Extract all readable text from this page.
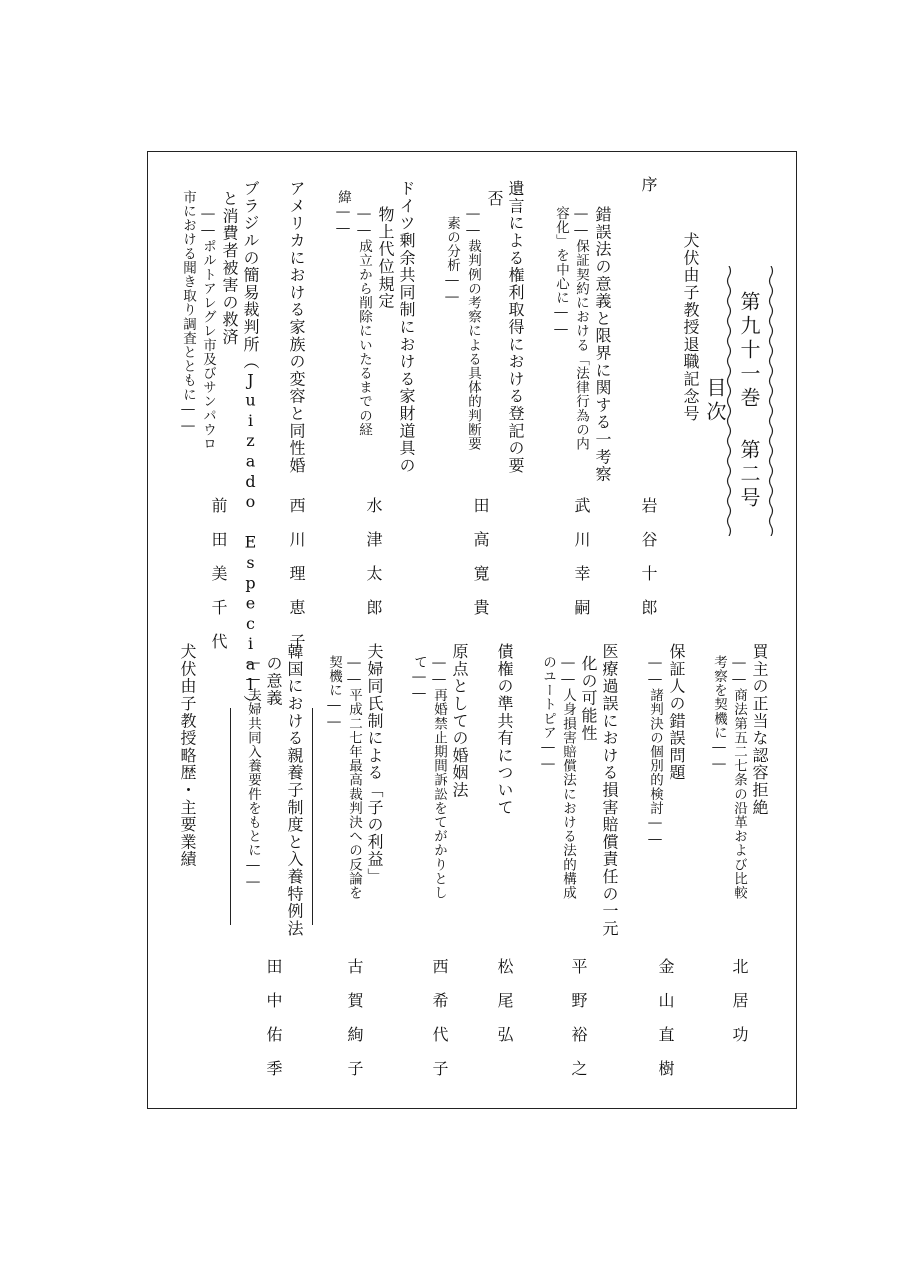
第九十一巻 第二号 目次
犬伏由子教授退職記念号
序
岩谷十郎
錯誤法の意義と限界に関する一考察
――保証契約における「法律行為の内
容化」を中心に――
武川幸嗣
遺言による権利取得における登記の要
否
――裁判例の考察による具体的判断要
素の分析――
田高寛貴
ドイツ剰余共同制における家財道具の
物上代位規定
――成立から削除にいたるまでの経
緯――
水津太郎
アメリカにおける家族の変容と同性婚
西川理恵子
ブラジルの簡易裁判所（Juizado Especial）
と消費者被害の救済
――ポルトアレグレ市及びサンパウロ
市における聞き取り調査とともに――
前田美千代
買主の正当な認容拒絶
――商法第五二七条の沿革および比較
考察を契機に――
北居功
保証人の錯誤問題
――諸判決の個別的検討――
金山直樹
医療過誤における損害賠償責任の一元
化の可能性
――人身損害賠償法における法的構成
のユートピア――
平野裕之
債権の準共有について
松尾弘
原点としての婚姻法
――再婚禁止期間訴訟をてがかりとし
て――
西希代子
夫婦同氏制による「子の利益」
――平成二七年最高裁判決への反論を
契機に――
古賀絢子
韓国における親養子制度と入養特例法
の意義
――夫婦共同入養要件をもとに――
田中佑季
犬伏由子教授略歴・主要業績
